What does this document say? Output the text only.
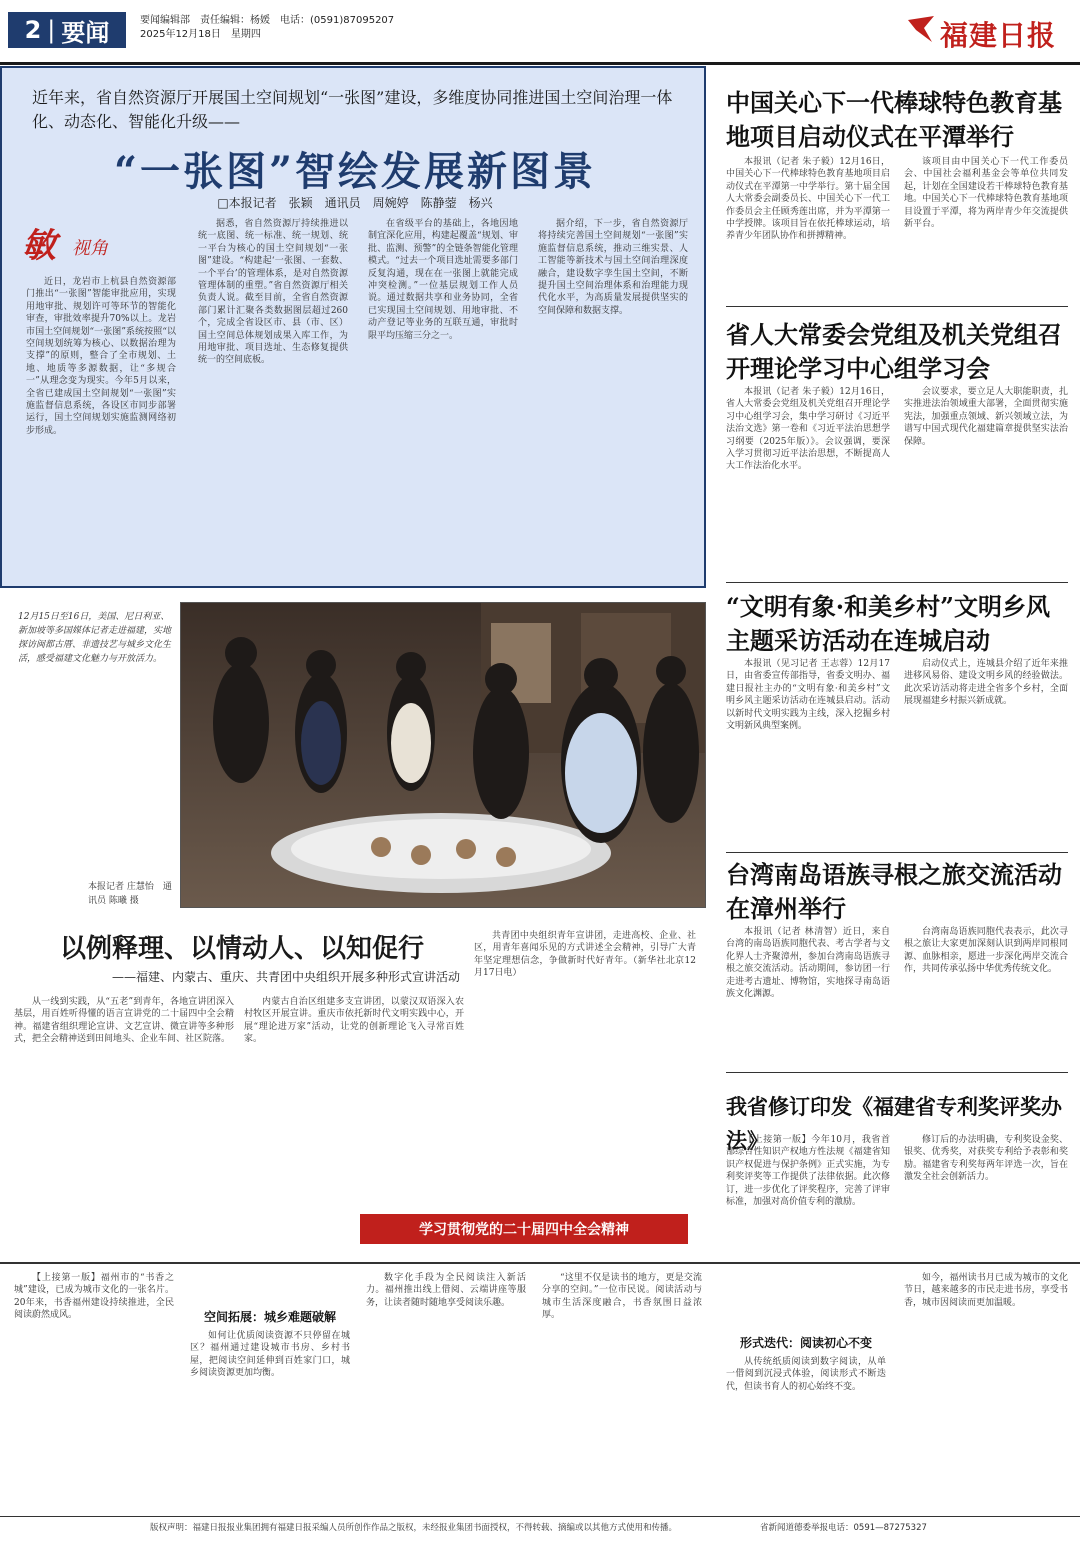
2 | 要闻	要闻编辑部　责任编辑：杨媛　电话：(0591)87095207
2025年12月18日　星期四	福建日报
近年来，省自然资源厅开展国土空间规划“一张图”建设，多维度协同推进国土空间治理一体化、动态化、智能化升级——
“一张图”智绘发展新图景
□本报记者　张颖　通讯员　周婉婷　陈静蓥　杨兴
敏 视角

近日，龙岩市上杭县自然资源部门推出“一张图”智能审批应用，实现用地审批、规划许可等环节的智能化审查，审批效率提升70%以上。龙岩市国土空间规划“一张图”系统按照“以空间规划统筹为核心、以数据治理为支撑”的原则，整合了全市规划、土地、地质等多源数据，让“多规合一”从理念变为现实。今年5月以来，全省已建成国土空间规划“一张图”实施监督信息系统，各设区市同步部署运行，国土空间规划实施监测网络初步形成。

据悉，省自然资源厅持续推进以统一底图、统一标准、统一规划、统一平台为核心的国土空间规划“一张图”建设。“构建起‘一张图、一套数、一个平台’的管理体系，是对自然资源管理体制的重塑。”省自然资源厅相关负责人说。截至目前，全省自然资源部门累计汇聚各类数据图层超过260个，完成全省设区市、县（市、区）国土空间总体规划成果入库工作，为用地审批、项目选址、生态修复提供统一的空间底板。

在省级平台的基础上，各地因地制宜深化应用，构建起覆盖“规划、审批、监测、预警”的全链条智能化管理模式。“过去一个项目选址需要多部门反复沟通，现在在一张图上就能完成冲突检测。”一位基层规划工作人员说。通过数据共享和业务协同，全省已实现国土空间规划、用地审批、不动产登记等业务的互联互通，审批时限平均压缩三分之一。

据介绍，下一步，省自然资源厅将持续完善国土空间规划“一张图”实施监督信息系统，推动三维实景、人工智能等新技术与国土空间治理深度融合，建设数字孪生国土空间，不断提升国土空间治理体系和治理能力现代化水平，为高质量发展提供坚实的空间保障和数据支撑。

中国关心下一代棒球特色教育基地项目启动仪式在平潭举行

本报讯（记者 朱子毅）12月16日，中国关心下一代棒球特色教育基地项目启动仪式在平潭第一中学举行。第十届全国人大常委会副委员长、中国关心下一代工作委员会主任顾秀莲出席，并为平潭第一中学授牌。该项目旨在依托棒球运动，培养青少年团队协作和拼搏精神。

该项目由中国关心下一代工作委员会、中国社会福利基金会等单位共同发起，计划在全国建设若干棒球特色教育基地。中国关心下一代棒球特色教育基地项目设置于平潭，将为两岸青少年交流提供新平台。

省人大常委会党组及机关党组召开理论学习中心组学习会

本报讯（记者 朱子毅）12月16日，省人大常委会党组及机关党组召开理论学习中心组学习会，集中学习研讨《习近平法治文选》第一卷和《习近平法治思想学习纲要（2025年版）》。会议强调，要深入学习贯彻习近平法治思想，不断提高人大工作法治化水平。

会议要求，要立足人大职能职责，扎实推进法治领域重大部署，全面贯彻实施宪法，加强重点领域、新兴领域立法，为谱写中国式现代化福建篇章提供坚实法治保障。

“文明有象·和美乡村”文明乡风主题采访活动在连城启动

本报讯（见习记者 王志蓉）12月17日，由省委宣传部指导，省委文明办、福建日报社主办的“文明有象·和美乡村”文明乡风主题采访活动在连城县启动。活动以新时代文明实践为主线，深入挖掘乡村文明新风典型案例。

启动仪式上，连城县介绍了近年来推进移风易俗、建设文明乡风的经验做法。此次采访活动将走进全省多个乡村，全面展现福建乡村振兴新成就。

台湾南岛语族寻根之旅交流活动在漳州举行

本报讯（记者 林清智）近日，来自台湾的南岛语族同胞代表、考古学者与文化界人士齐聚漳州，参加台湾南岛语族寻根之旅交流活动。活动期间，参访团一行走进考古遗址、博物馆，实地探寻南岛语族文化渊源。

台湾南岛语族同胞代表表示，此次寻根之旅让大家更加深刻认识到两岸同根同源、血脉相亲，愿进一步深化两岸交流合作，共同传承弘扬中华优秀传统文化。

我省修订印发《福建省专利奖评奖办法》

【上接第一版】今年10月，我省首部综合性知识产权地方性法规《福建省知识产权促进与保护条例》正式实施，为专利奖评奖等工作提供了法律依据。此次修订，进一步优化了评奖程序，完善了评审标准，加强对高价值专利的激励。

修订后的办法明确，专利奖设金奖、银奖、优秀奖，对获奖专利给予表彰和奖励。福建省专利奖每两年评选一次，旨在激发全社会创新活力。

12月15日至16日，美国、尼日利亚、新加坡等多国媒体记者走进福建，实地探访闽都古厝、非遗技艺与城乡文化生活，感受福建文化魅力与开放活力。
本报记者 庄慧怡　通讯员 陈曦 摄
以例释理、以情动人、以知促行
——福建、内蒙古、重庆、共青团中央组织开展多种形式宣讲活动

从一线到实践，从“五老”到青年，各地宣讲团深入基层，用百姓听得懂的语言宣讲党的二十届四中全会精神。福建省组织理论宣讲、文艺宣讲、微宣讲等多种形式，把全会精神送到田间地头、企业车间、社区院落。

内蒙古自治区组建多支宣讲团，以蒙汉双语深入农村牧区开展宣讲。重庆市依托新时代文明实践中心，开展“理论进万家”活动，让党的创新理论飞入寻常百姓家。

共青团中央组织青年宣讲团，走进高校、企业、社区，用青年喜闻乐见的方式讲述全会精神，引导广大青年坚定理想信念，争做新时代好青年。（新华社北京12月17日电）

学习贯彻党的二十届四中全会精神

【上接第一版】福州市的“书香之城”建设，已成为城市文化的一张名片。20年来，书香福州建设持续推进，全民阅读蔚然成风。	空间拓展：城乡难题破解

如何让优质阅读资源不只停留在城区？福州通过建设城市书房、乡村书屋，把阅读空间延伸到百姓家门口，城乡阅读资源更加均衡。

数字化手段为全民阅读注入新活力。福州推出线上借阅、云端讲座等服务，让读者随时随地享受阅读乐趣。

“这里不仅是读书的地方，更是交流分享的空间。”一位市民说。阅读活动与城市生活深度融合，书香氛围日益浓厚。

形式迭代：阅读初心不变

从传统纸质阅读到数字阅读，从单一借阅到沉浸式体验，阅读形式不断迭代，但读书育人的初心始终不变。

如今，福州读书月已成为城市的文化节日，越来越多的市民走进书房，享受书香，城市因阅读而更加温暖。

版权声明：福建日报报业集团拥有福建日报采编人员所创作作品之版权，未经报业集团书面授权，不得转载、摘编或以其他方式使用和传播。	省新闻道德委举报电话：0591—87275327
